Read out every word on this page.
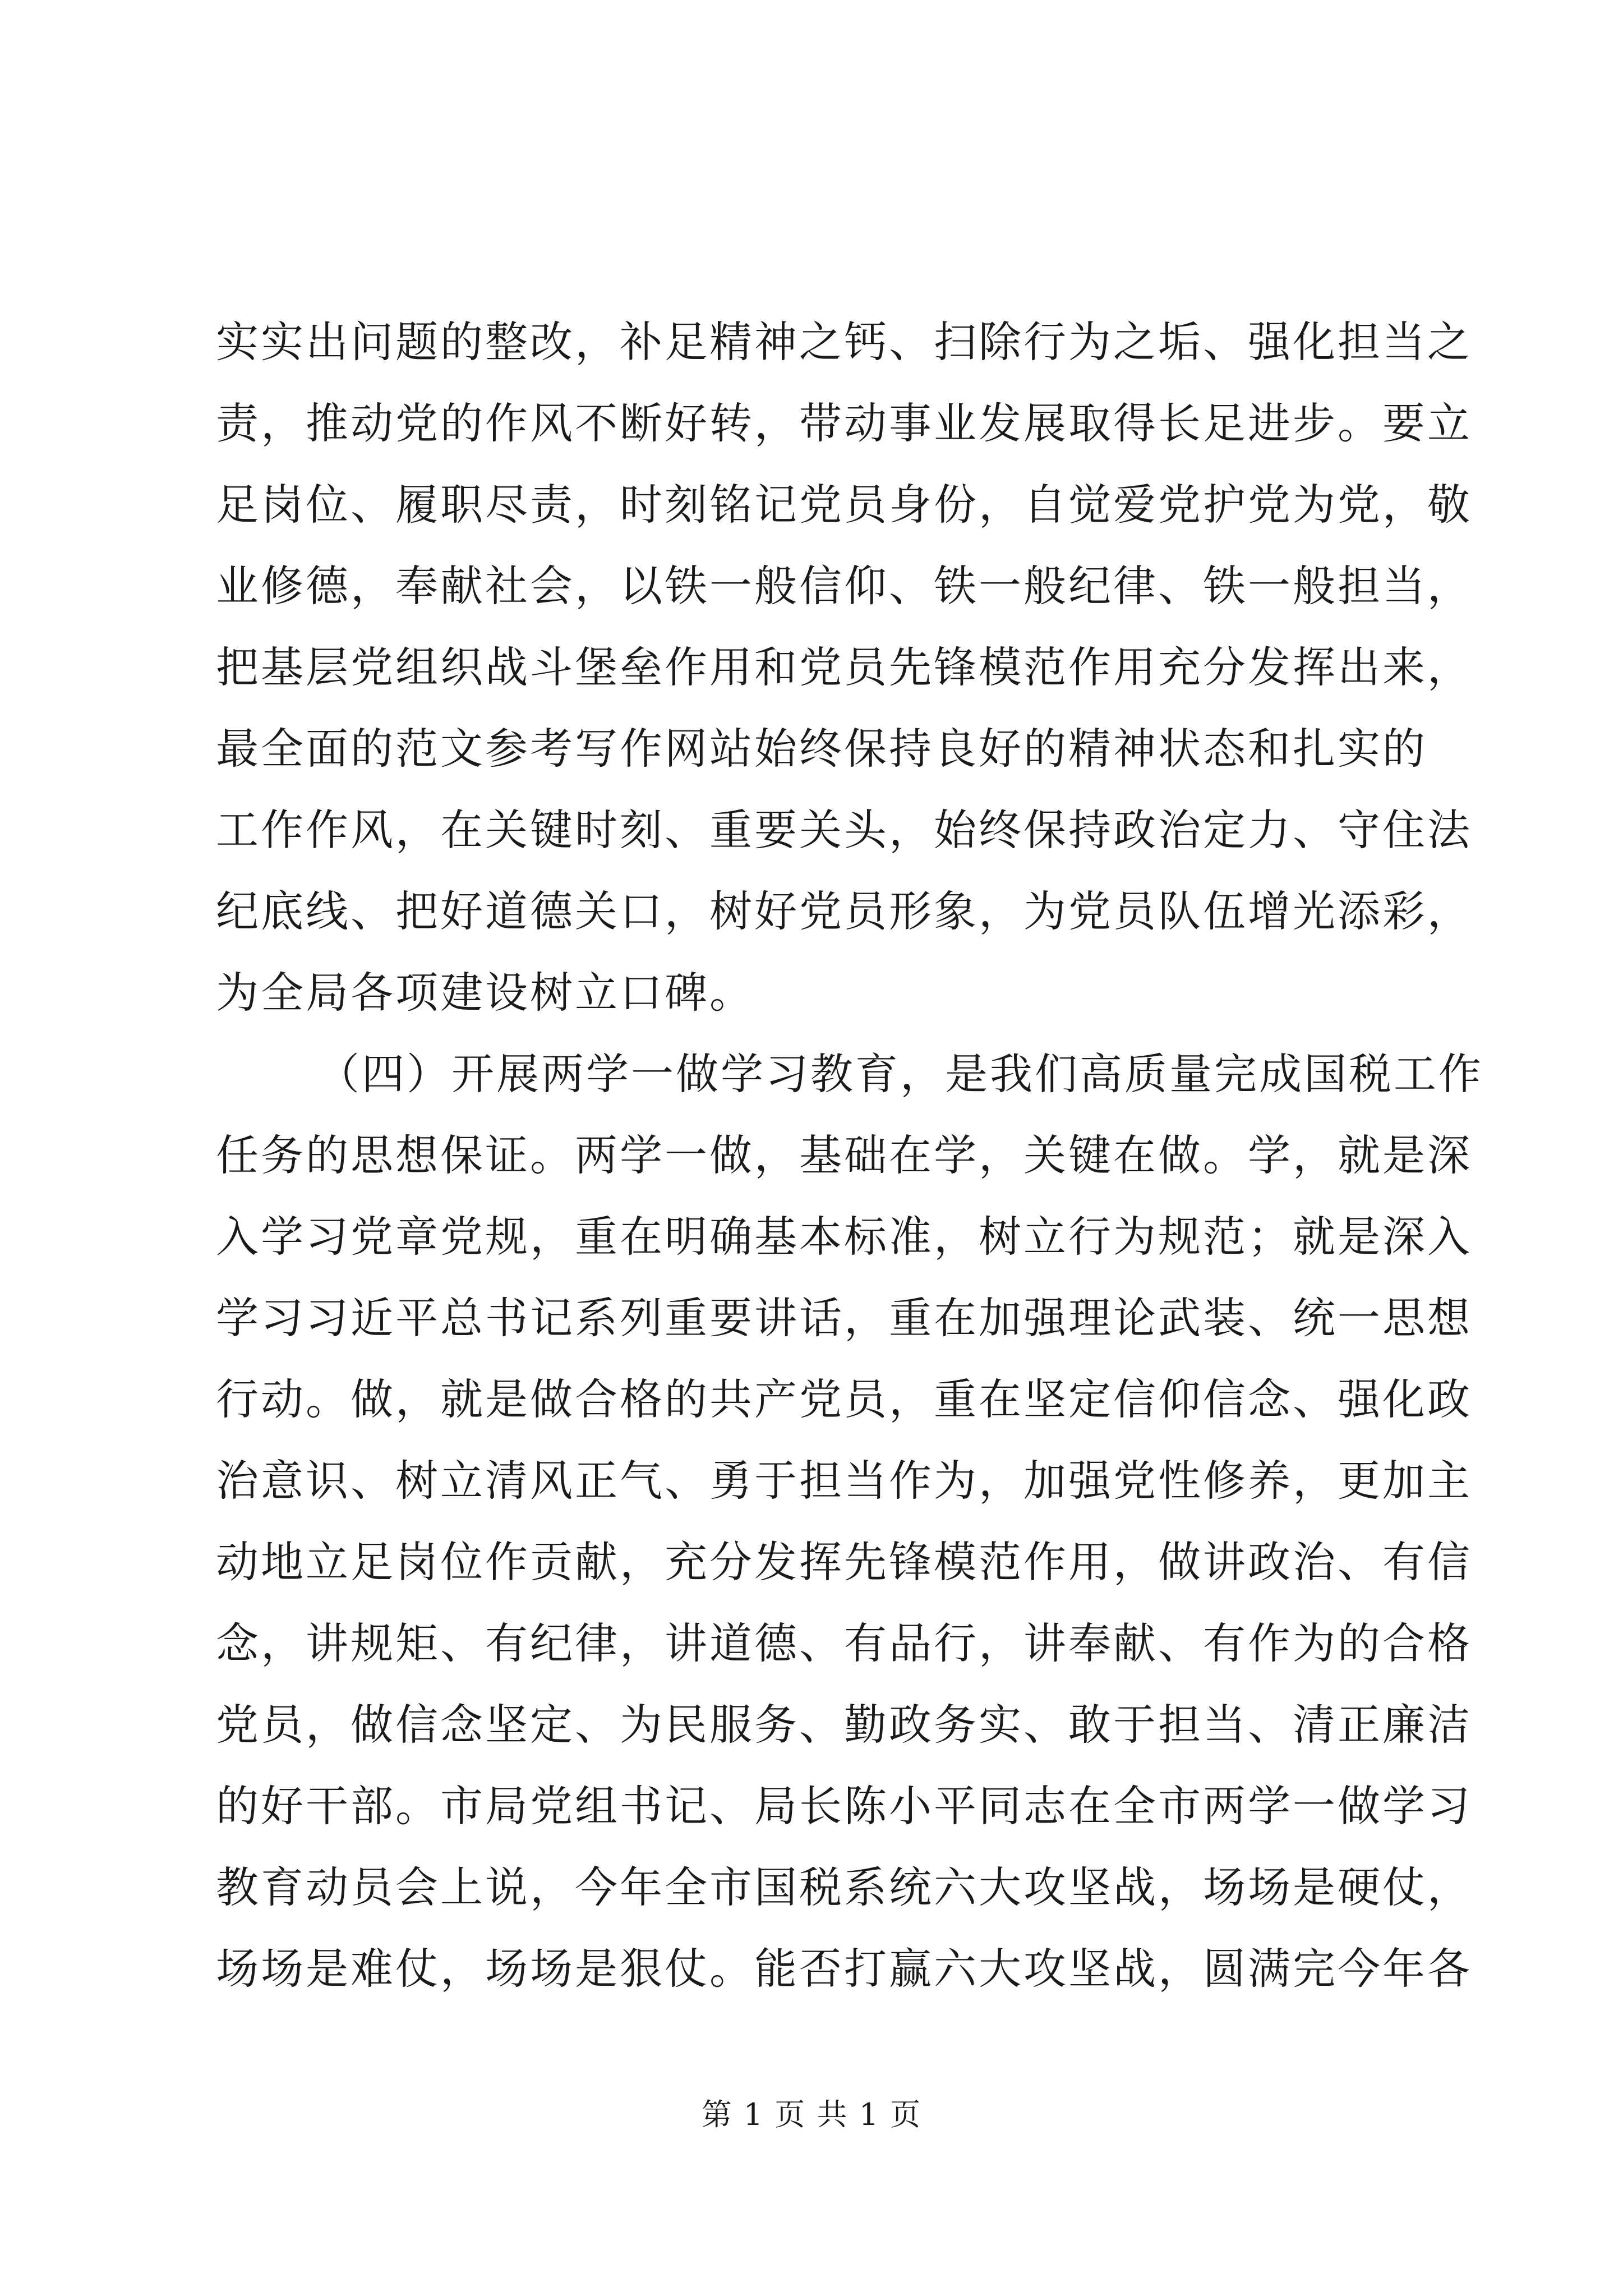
实实出问题的整改，补足精神之钙、扫除行为之垢、强化担当之
责，推动党的作风不断好转，带动事业发展取得长足进步。要立
足岗位、履职尽责，时刻铭记党员身份，自觉爱党护党为党，敬
业修德，奉献社会，以铁一般信仰、铁一般纪律、铁一般担当，
把基层党组织战斗堡垒作用和党员先锋模范作用充分发挥出来，
最全面的范文参考写作网站始终保持良好的精神状态和扎实的
工作作风，在关键时刻、重要关头，始终保持政治定力、守住法
纪底线、把好道德关口，树好党员形象，为党员队伍增光添彩，
为全局各项建设树立口碑。
（四）开展两学一做学习教育，是我们高质量完成国税工作
任务的思想保证。两学一做，基础在学，关键在做。学，就是深
入学习党章党规，重在明确基本标准，树立行为规范；就是深入
学习习近平总书记系列重要讲话，重在加强理论武装、统一思想
行动。做，就是做合格的共产党员，重在坚定信仰信念、强化政
治意识、树立清风正气、勇于担当作为，加强党性修养，更加主
动地立足岗位作贡献，充分发挥先锋模范作用，做讲政治、有信
念，讲规矩、有纪律，讲道德、有品行，讲奉献、有作为的合格
党员，做信念坚定、为民服务、勤政务实、敢于担当、清正廉洁
的好干部。市局党组书记、局长陈小平同志在全市两学一做学习
教育动员会上说，今年全市国税系统六大攻坚战，场场是硬仗，
场场是难仗，场场是狠仗。能否打赢六大攻坚战，圆满完今年各
第 1 页 共 1 页
